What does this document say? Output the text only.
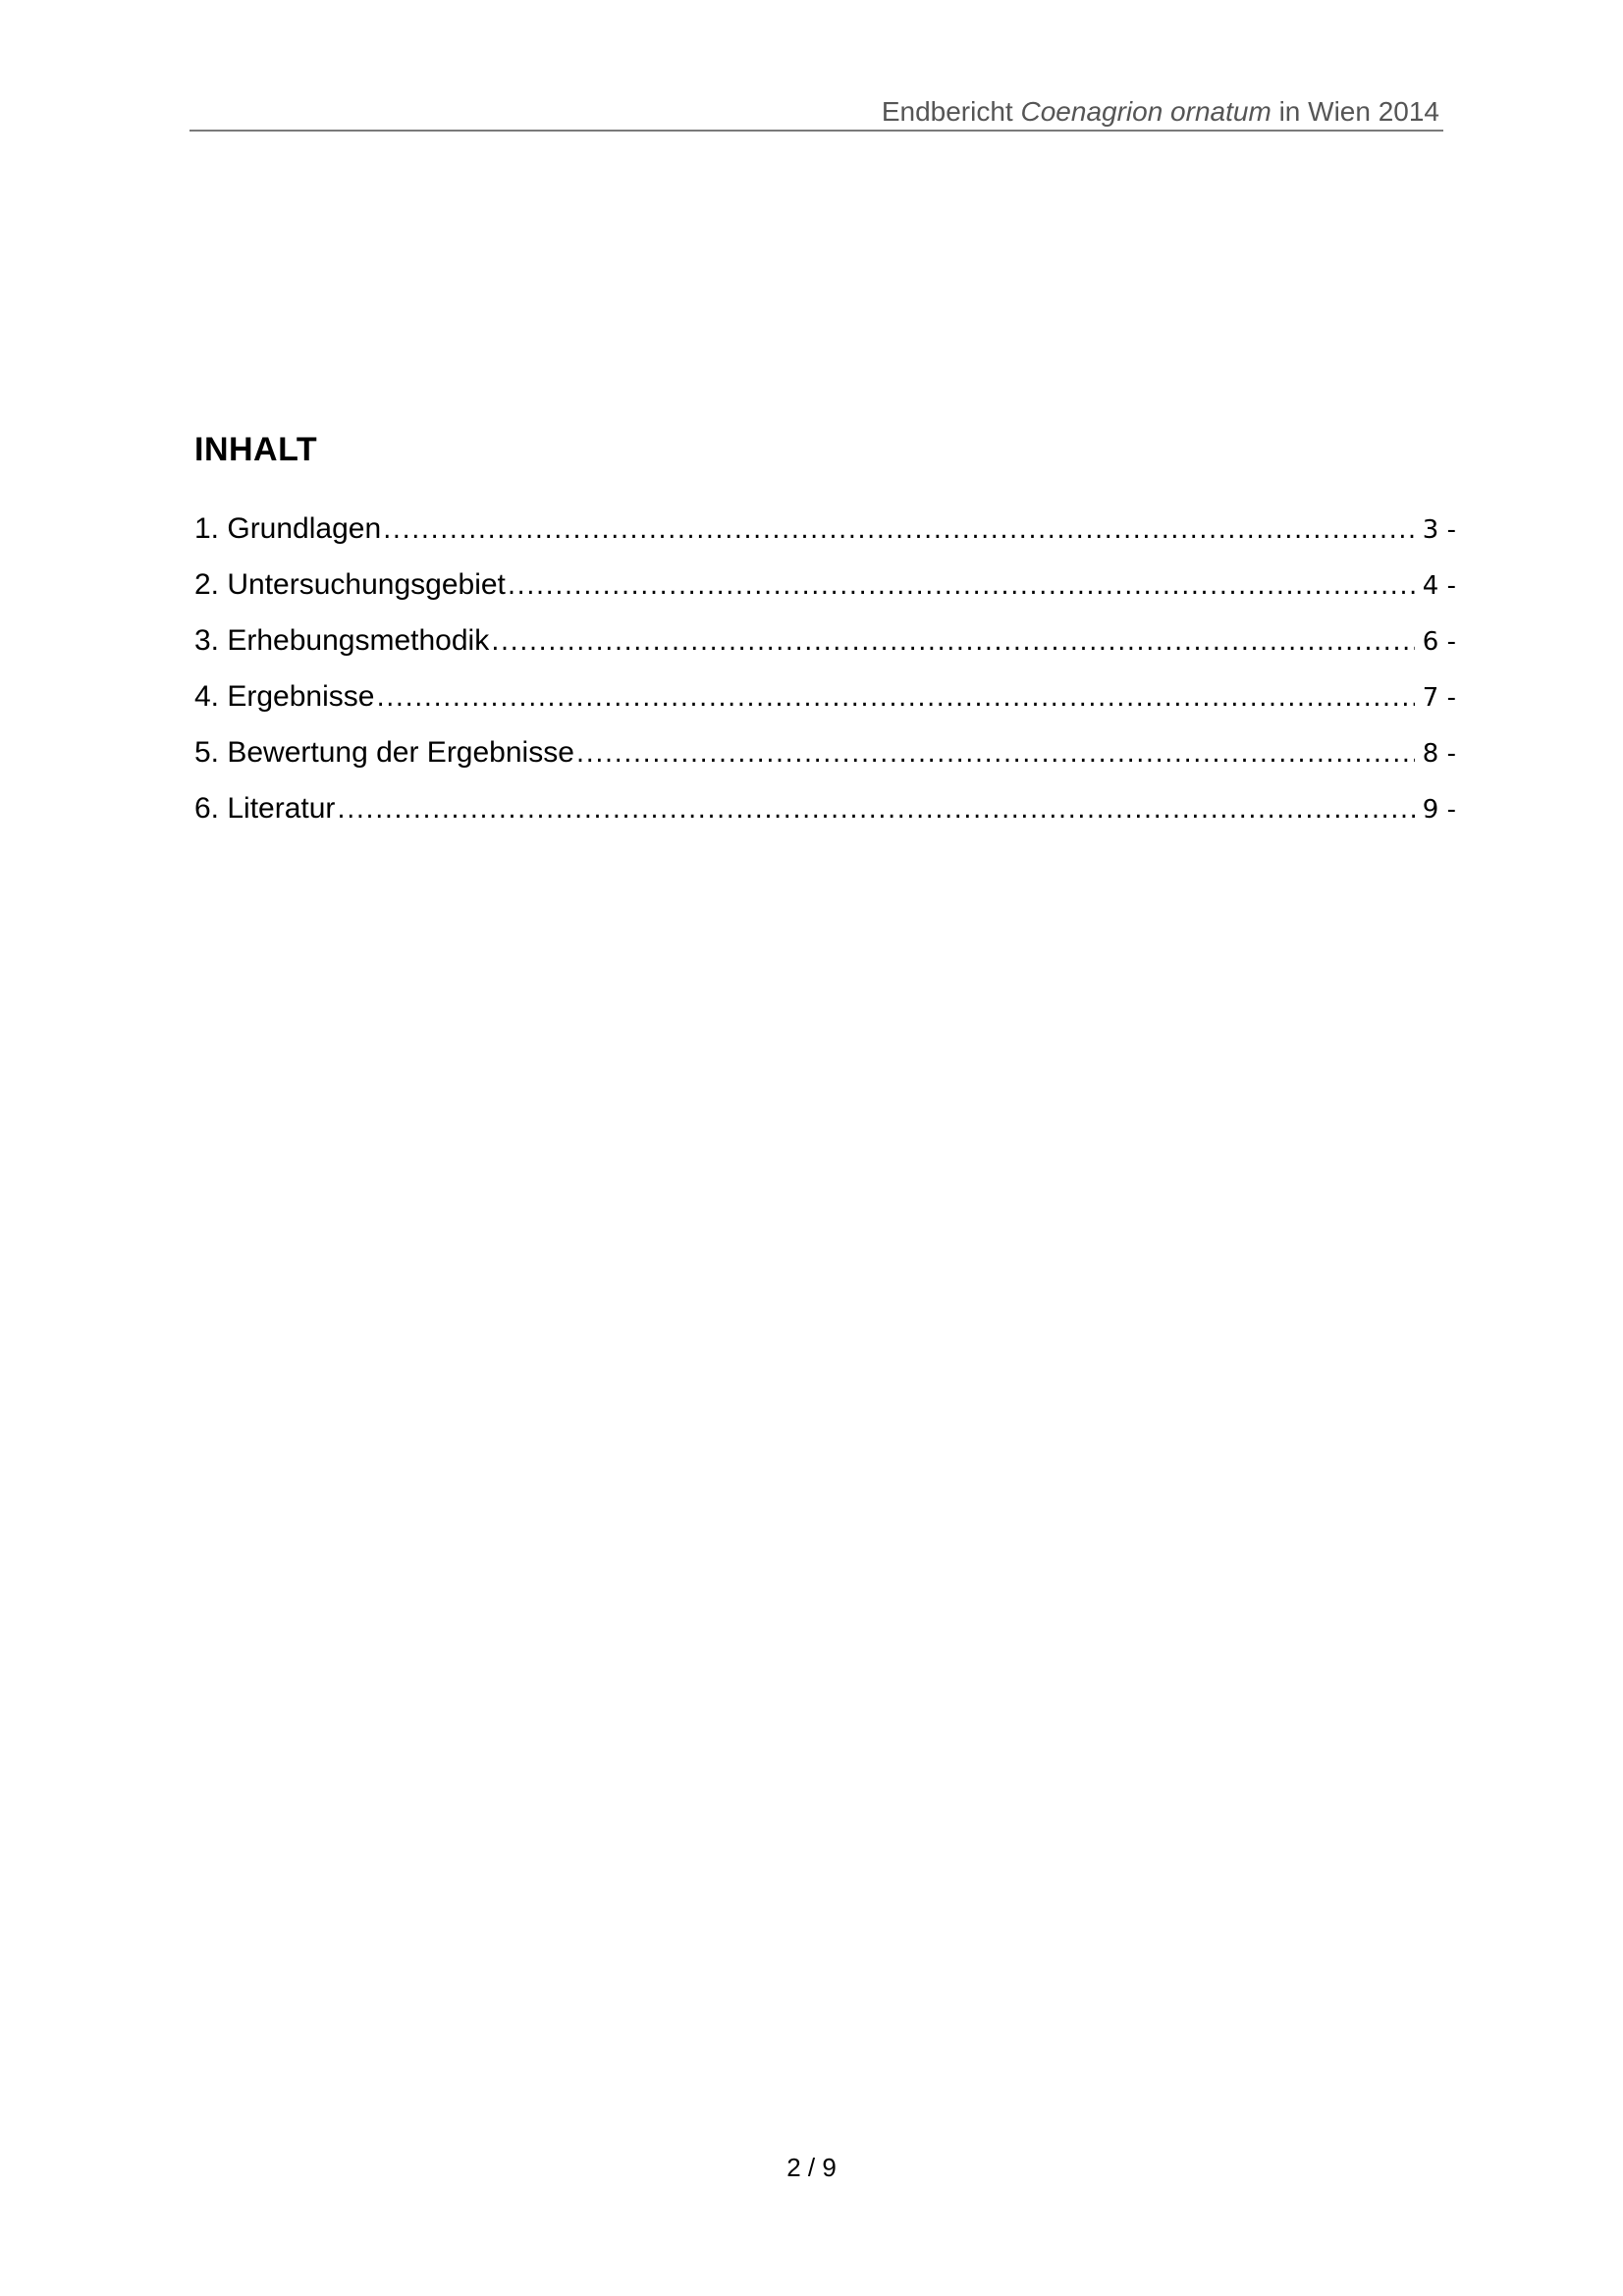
Endbericht Coenagrion ornatum in Wien 2014
INHALT
1. Grundlagen .....	3 -
2. Untersuchungsgebiet .....	4 -
3. Erhebungsmethodik .....	6 -
4. Ergebnisse .....	7 -
5. Bewertung der Ergebnisse .....	8 -
6. Literatur .....	9 -
2 / 9
